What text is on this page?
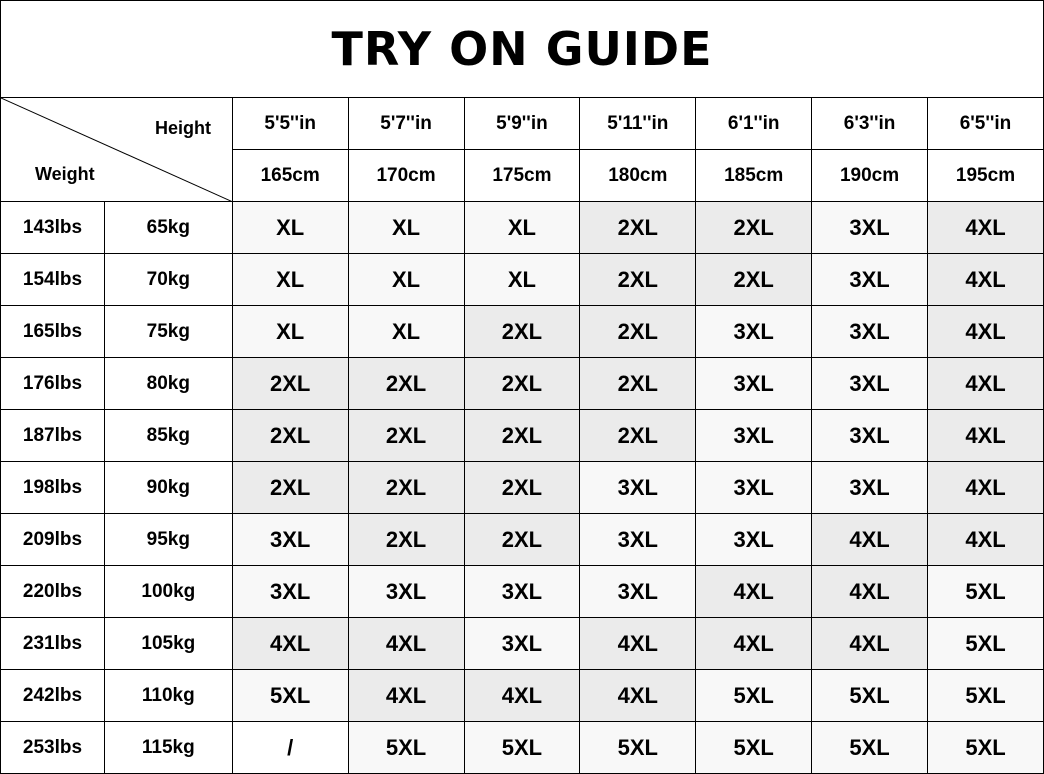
TRY ON GUIDE
Height
Weight		5'5''in	5'7''in	5'9''in	5'11''in	6'1''in	6'3''in	6'5''in
		165cm	170cm	175cm	180cm	185cm	190cm	195cm
143lbs	65kg	XL	XL	XL	2XL	2XL	3XL	4XL
154lbs	70kg	XL	XL	XL	2XL	2XL	3XL	4XL
165lbs	75kg	XL	XL	2XL	2XL	3XL	3XL	4XL
176lbs	80kg	2XL	2XL	2XL	2XL	3XL	3XL	4XL
187lbs	85kg	2XL	2XL	2XL	2XL	3XL	3XL	4XL
198lbs	90kg	2XL	2XL	2XL	3XL	3XL	3XL	4XL
209lbs	95kg	3XL	2XL	2XL	3XL	3XL	4XL	4XL
220lbs	100kg	3XL	3XL	3XL	3XL	4XL	4XL	5XL
231lbs	105kg	4XL	4XL	3XL	4XL	4XL	4XL	5XL
242lbs	110kg	5XL	4XL	4XL	4XL	5XL	5XL	5XL
253lbs	115kg	/	5XL	5XL	5XL	5XL	5XL	5XL
